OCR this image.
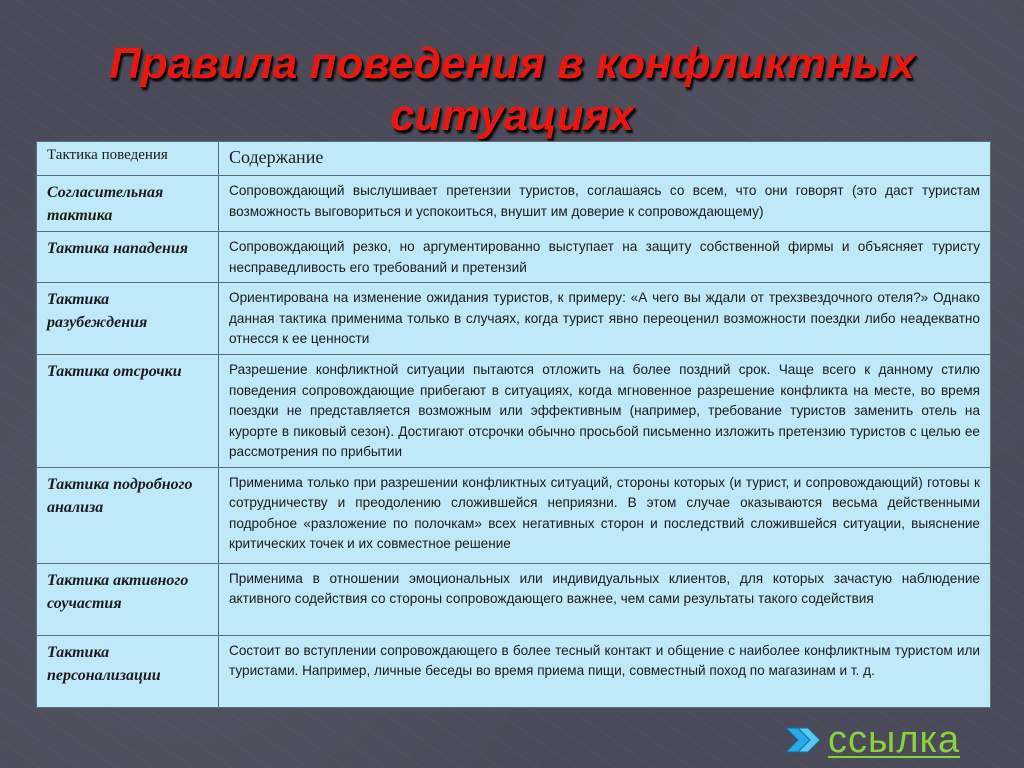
Правила поведения в конфликтных ситуациях
Тактика поведения	Содержание
Согласительная тактика	Сопровождающий выслушивает претензии туристов, соглашаясь со всем, что они говорят (это даст туристам возможность выговориться и успокоиться, внушит им доверие к сопровождающему)
Тактика нападения	Сопровождающий резко, но аргументированно выступает на защиту собственной фирмы и объясняет туристу несправедливость его требований и претензий
Тактика разубеждения	Ориентирована на изменение ожидания туристов, к примеру: «А чего вы ждали от трехзвездочного отеля?» Однако данная тактика применима только в случаях, когда турист явно переоценил возможности поездки либо неадекватно отнесся к ее ценности
Тактика отсрочки	Разрешение конфликтной ситуации пытаются отложить на более поздний срок. Чаще всего к данному стилю поведения сопровождающие прибегают в ситуациях, когда мгновенное разрешение конфликта на месте, во время поездки не представляется возможным или эффективным (например, требование туристов заменить отель на курорте в пиковый сезон). Достигают отсрочки обычно просьбой письменно изложить претензию туристов с целью ее рассмотрения по прибытии
Тактика подробного анализа	Применима только при разрешении конфликтных ситуаций, стороны которых (и турист, и сопровождающий) готовы к сотрудничеству и преодолению сложившейся неприязни. В этом случае оказываются весьма действенными подробное «разложение по полочкам» всех негативных сторон и последствий сложившейся ситуации, выяснение критических точек и их совместное решение
Тактика активного соучастия	Применима в отношении эмоциональных или индивидуальных клиентов, для которых зачастую наблюдение активного содействия со стороны сопровождающего важнее, чем сами результаты такого содействия
Тактика персонализации	Состоит во вступлении сопровождающего в более тесный контакт и общение с наиболее конфликтным туристом или туристами. Например, личные беседы во время приема пищи, совместный поход по магазинам и т. д.
ссылка
